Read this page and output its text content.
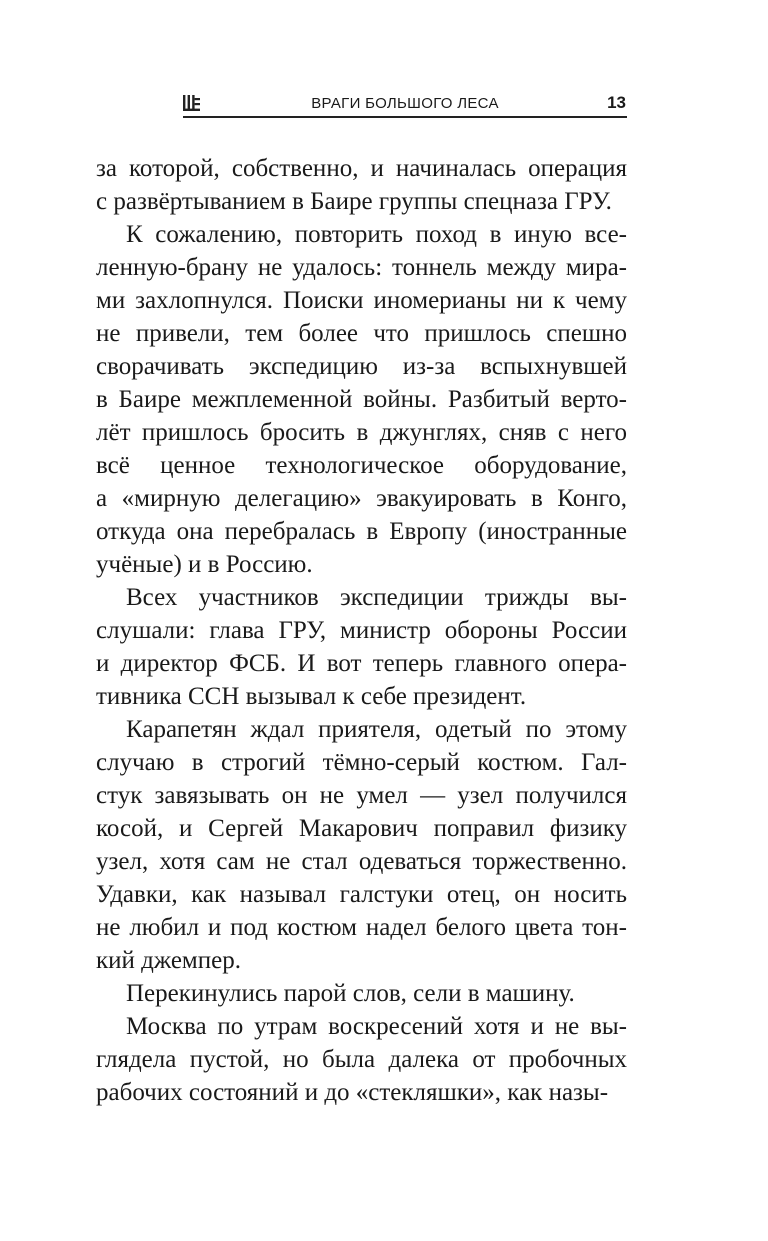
ВРАГИ БОЛЬШОГО ЛЕСА	13
за которой, собственно, и начиналась операция
с развёртыванием в Баире группы спецназа ГРУ.
К сожалению, повторить поход в иную все-
ленную-брану не удалось: тоннель между мира-
ми захлопнулся. Поиски иномерианы ни к чему
не привели, тем более что пришлось спешно
сворачивать экспедицию из-за вспыхнувшей
в Баире межплеменной войны. Разбитый верто-
лёт пришлось бросить в джунглях, сняв с него
всё ценное технологическое оборудование,
а «мирную делегацию» эвакуировать в Конго,
откуда она перебралась в Европу (иностранные
учёные) и в Россию.
Всех участников экспедиции трижды вы-
слушали: глава ГРУ, министр обороны России
и директор ФСБ. И вот теперь главного опера-
тивника ССН вызывал к себе президент.
Карапетян ждал приятеля, одетый по этому
случаю в строгий тёмно-серый костюм. Гал-
стук завязывать он не умел — узел получился
косой, и Сергей Макарович поправил физику
узел, хотя сам не стал одеваться торжественно.
Удавки, как называл галстуки отец, он носить
не любил и под костюм надел белого цвета тон-
кий джемпер.
Перекинулись парой слов, сели в машину.
Москва по утрам воскресений хотя и не вы-
глядела пустой, но была далека от пробочных
рабочих состояний и до «стекляшки», как назы-
